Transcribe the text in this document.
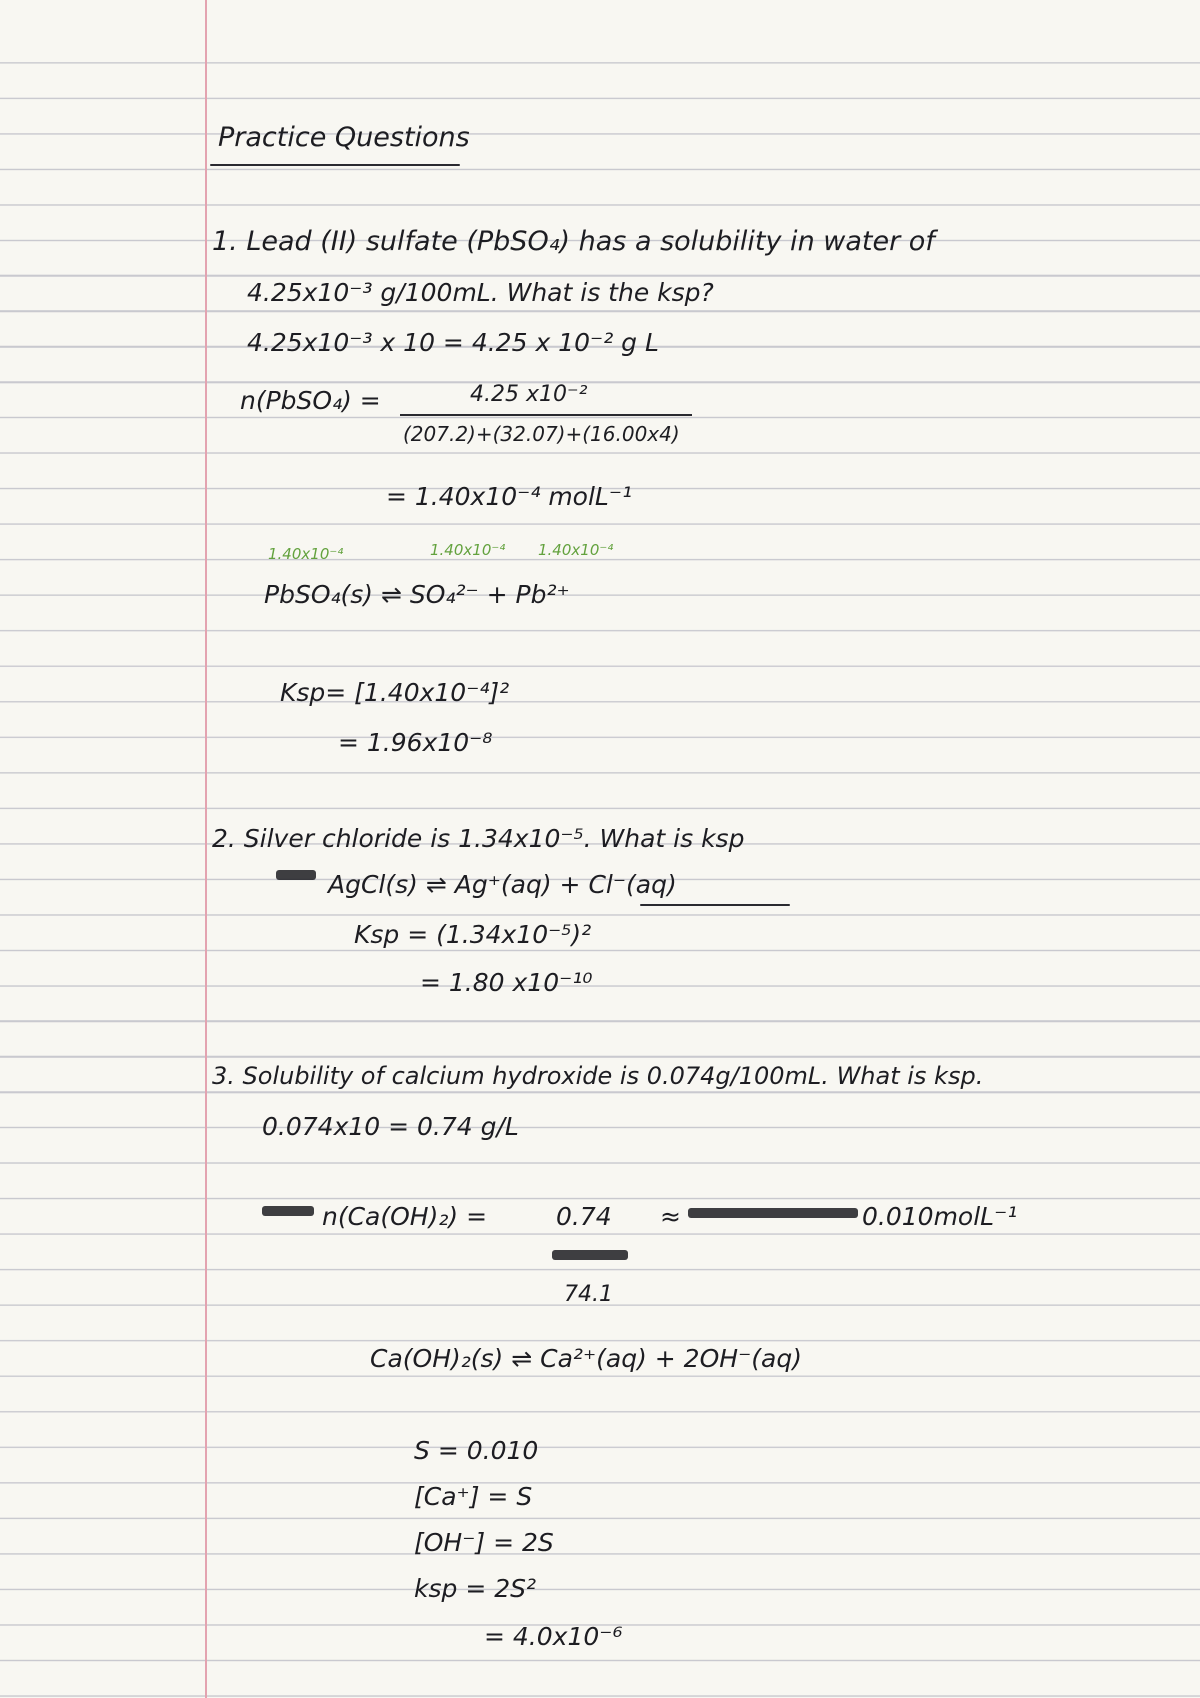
Practice Questions
1. Lead (II) sulfate (PbSO₄) has a solubility in water of
4.25x10⁻³ g/100mL. What is the ksp?
4.25x10⁻³ x 10 = 4.25 x 10⁻² g L
n(PbSO₄) =	4.25 x10⁻²
(207.2)+(32.07)+(16.00x4)
= 1.40x10⁻⁴ molL⁻¹
1.40x10⁻⁴	1.40x10⁻⁴ 1.40x10⁻⁴
PbSO₄(s) ⇌ SO₄²⁻ + Pb²⁺
Ksp= [1.40x10⁻⁴]²
= 1.96x10⁻⁸
2. Silver chloride is 1.34x10⁻⁵. What is ksp
AgCl(s) ⇌ Ag⁺(aq) + Cl⁻(aq)
Ksp = (1.34x10⁻⁵)²
= 1.80 x10⁻¹⁰
3. Solubility of calcium hydroxide is 0.074g/100mL. What is ksp.
0.074x10 = 0.74 g/L
n(Ca(OH)₂) =	0.74
74.1
≈	0.010molL⁻¹
Ca(OH)₂(s) ⇌ Ca²⁺(aq) + 2OH⁻(aq)
S = 0.010
[Ca⁺] = S
[OH⁻] = 2S
ksp = 2S²
= 4.0x10⁻⁶
